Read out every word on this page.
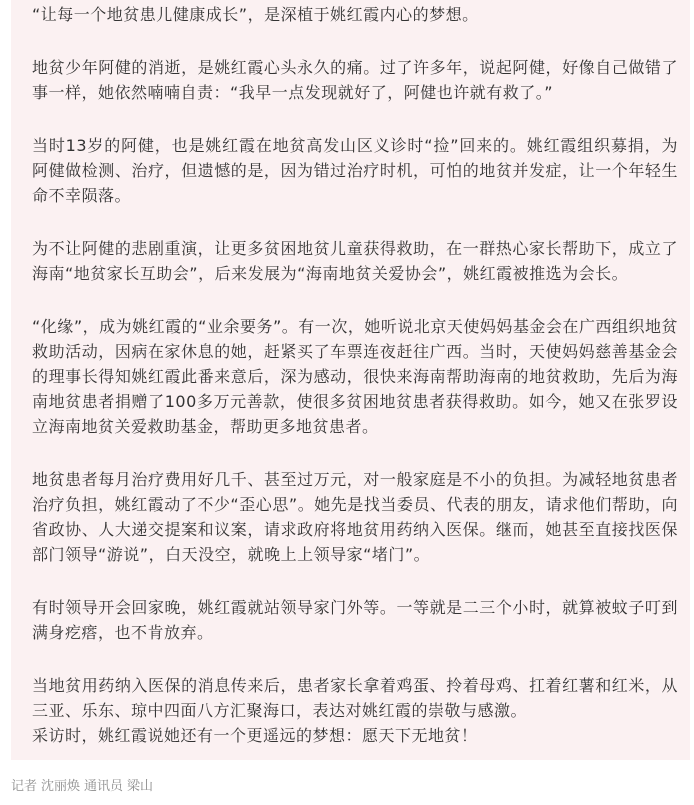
“让每一个地贫患儿健康成长”，是深植于姚红霞内心的梦想。

地贫少年阿健的消逝，是姚红霞心头永久的痛。过了许多年，说起阿健，好像自己做错了事一样，她依然喃喃自责：“我早一点发现就好了，阿健也许就有救了。”

当时13岁的阿健，也是姚红霞在地贫高发山区义诊时“捡”回来的。姚红霞组织募捐，为阿健做检测、治疗，但遗憾的是，因为错过治疗时机，可怕的地贫并发症，让一个年轻生命不幸陨落。

为不让阿健的悲剧重演，让更多贫困地贫儿童获得救助，在一群热心家长帮助下，成立了海南“地贫家长互助会”，后来发展为“海南地贫关爱协会”，姚红霞被推选为会长。

“化缘”，成为姚红霞的“业余要务”。有一次，她听说北京天使妈妈基金会在广西组织地贫救助活动，因病在家休息的她，赶紧买了车票连夜赶往广西。当时，天使妈妈慈善基金会的理事长得知姚红霞此番来意后，深为感动，很快来海南帮助海南的地贫救助，先后为海南地贫患者捐赠了100多万元善款，使很多贫困地贫患者获得救助。如今，她又在张罗设立海南地贫关爱救助基金，帮助更多地贫患者。

地贫患者每月治疗费用好几千、甚至过万元，对一般家庭是不小的负担。为减轻地贫患者治疗负担，姚红霞动了不少“歪心思”。她先是找当委员、代表的朋友，请求他们帮助，向省政协、人大递交提案和议案，请求政府将地贫用药纳入医保。继而，她甚至直接找医保部门领导“游说”，白天没空，就晚上上领导家“堵门”。

有时领导开会回家晚，姚红霞就站领导家门外等。一等就是二三个小时，就算被蚊子叮到满身疙瘩，也不肯放弃。

当地贫用药纳入医保的消息传来后，患者家长拿着鸡蛋、拎着母鸡、扛着红薯和红米，从三亚、乐东、琼中四面八方汇聚海口，表达对姚红霞的崇敬与感激。

采访时，姚红霞说她还有一个更遥远的梦想：愿天下无地贫！

记者 沈丽焕 通讯员 梁山
